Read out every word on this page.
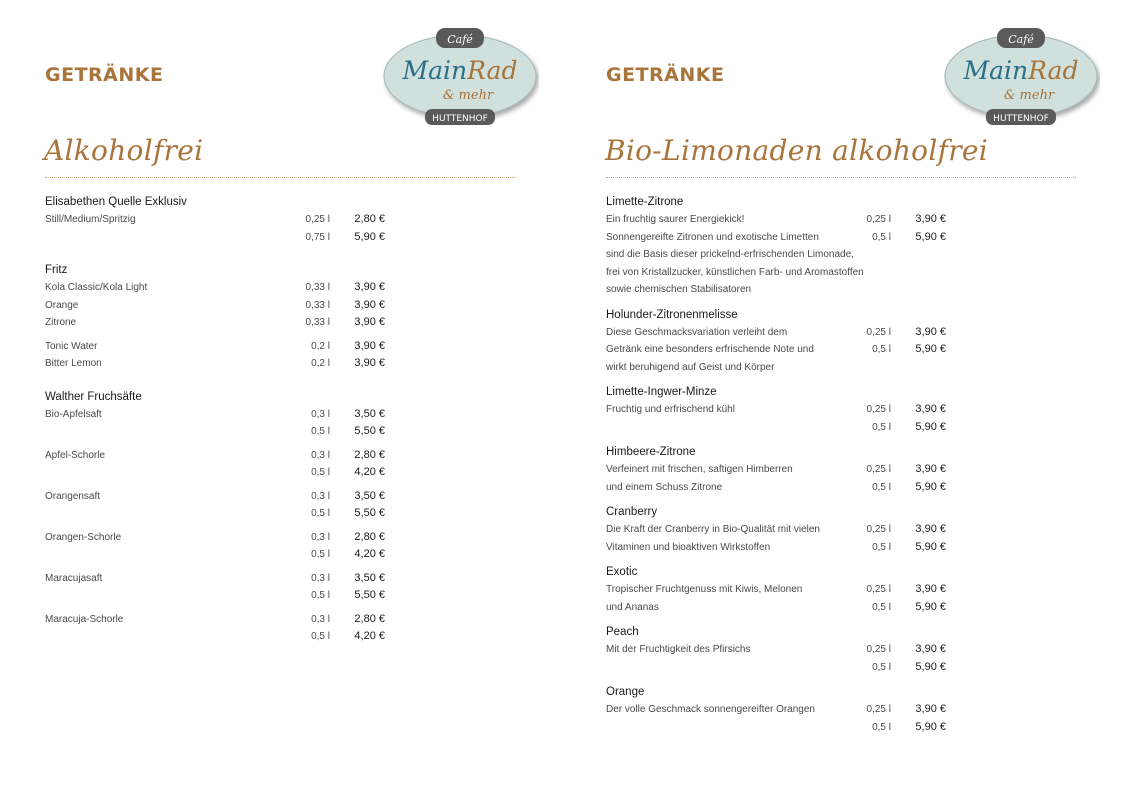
GETRÄNKE
Café
MainRad
& mehr
HUTTENHOF
Alkoholfrei
Elisabethen Quelle Exklusiv
Still/Medium/Spritzig	0,25 l	2,80 €
0,75 l	5,90 €
Fritz
Kola Classic/Kola Light	0,33 l	3,90 €
Orange	0,33 l	3,90 €
Zitrone	0,33 l	3,90 €
Tonic Water	0,2 l	3,90 €
Bitter Lemon	0,2 l	3,90 €
Walther Fruchsäfte
Bio-Apfelsaft	0,3 l	3,50 €
0,5 l	5,50 €
Apfel-Schorle	0,3 l	2,80 €
0,5 l	4,20 €
Orangensaft	0,3 l	3,50 €
0,5 l	5,50 €
Orangen-Schorle	0,3 l	2,80 €
0,5 l	4,20 €
Maracujasaft	0,3 l	3,50 €
0,5 l	5,50 €
Maracuja-Schorle	0,3 l	2,80 €
0,5 l	4,20 €
GETRÄNKE
Café
MainRad
& mehr
HUTTENHOF
Bio-Limonaden alkoholfrei
Limette-Zitrone
Ein fruchtig saurer Energiekick!	0,25 l	3,90 €
Sonnengereifte Zitronen und exotische Limetten	0,5 l	5,90 €
sind die Basis dieser prickelnd-erfrischenden Limonade,
frei von Kristallzucker, künstlichen Farb- und Aromastoffen
sowie chemischen Stabilisatoren
Holunder-Zitronenmelisse
Diese Geschmacksvariation verleiht dem	0,25 l	3,90 €
Getränk eine besonders erfrischende Note und	0,5 l	5,90 €
wirkt beruhigend auf Geist und Körper
Limette-Ingwer-Minze
Fruchtig und erfrischend kühl	0,25 l	3,90 €
0,5 l	5,90 €
Himbeere-Zitrone
Verfeinert mit frischen, saftigen Himberren	0,25 l	3,90 €
und einem Schuss Zitrone	0,5 l	5,90 €
Cranberry
Die Kraft der Cranberry in Bio-Qualität mit vielen	0,25 l	3,90 €
Vitaminen und bioaktiven Wirkstoffen	0,5 l	5,90 €
Exotic
Tropischer Fruchtgenuss mit Kiwis, Melonen	0,25 l	3,90 €
und Ananas	0,5 l	5,90 €
Peach
Mit der Fruchtigkeit des Pfirsichs	0,25 l	3,90 €
0,5 l	5,90 €
Orange
Der volle Geschmack sonnengereifter Orangen	0,25 l	3,90 €
0,5 l	5,90 €
